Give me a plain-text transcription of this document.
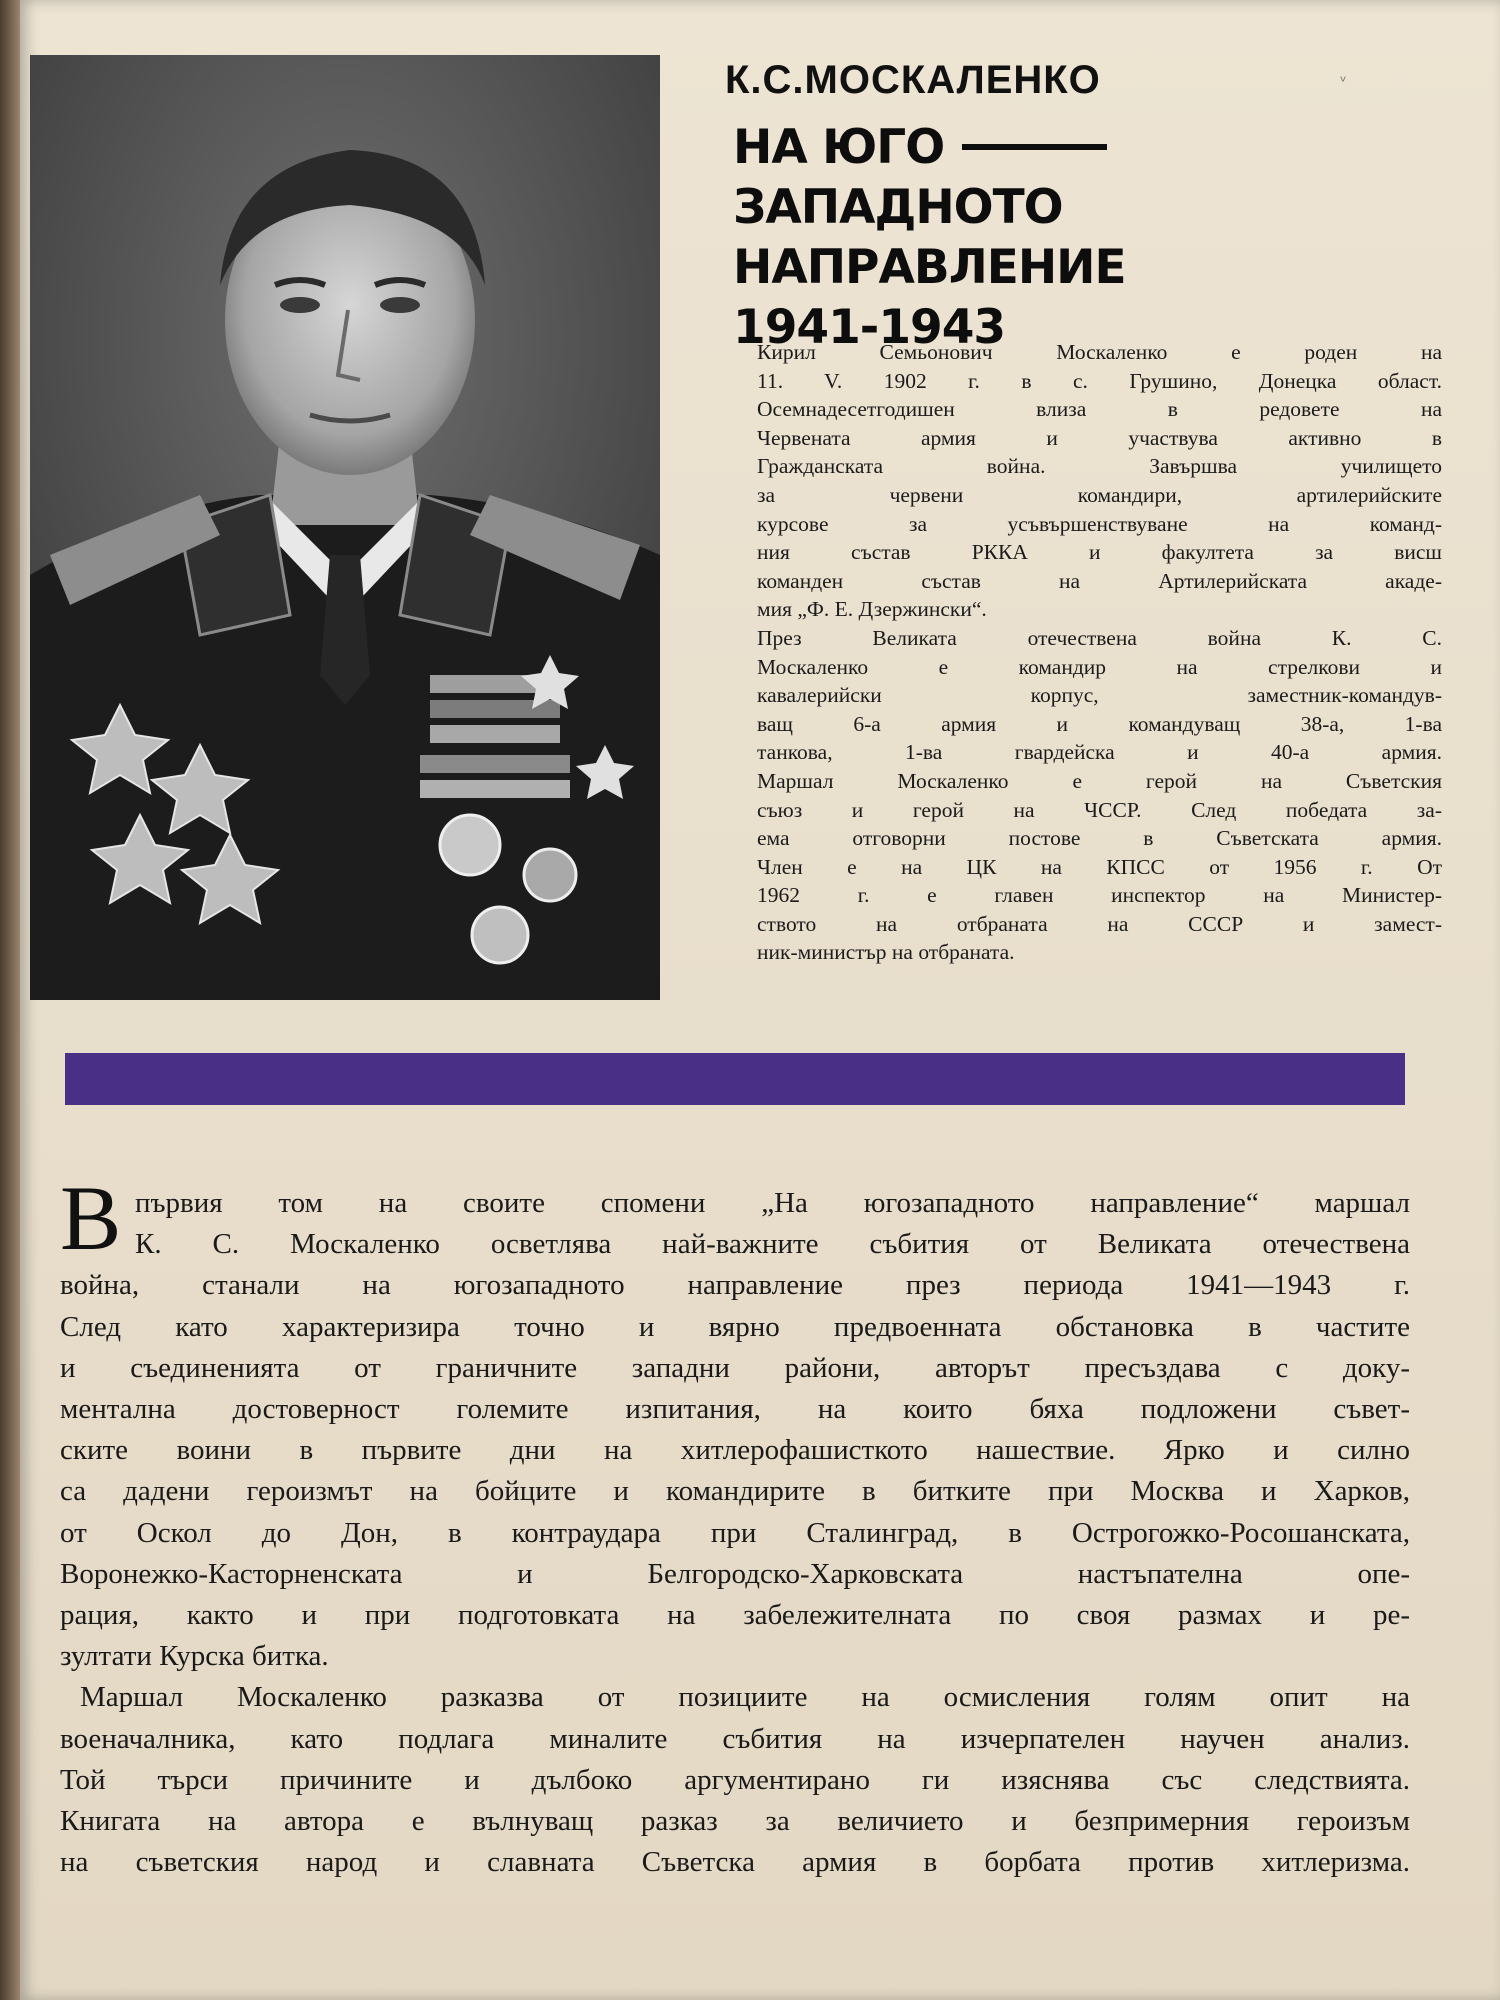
К.С.МОСКАЛЕНКО	ᵛ
НА ЮГО
ЗАПАДНОТО
НАПРАВЛЕНИЕ
1941-1943
Кирил Семьонович Москаленко е роден на
11. V. 1902 г. в с. Грушино, Донецка област.
Осемнадесетгодишен влиза в редовете на
Червената армия и участвува активно в
Гражданската война. Завършва училището
за червени командири, артилерийските
курсове за усъвършенствуване на команд-
ния състав РККА и факултета за висш
команден състав на Артилерийската акаде-
мия „Ф. Е. Дзержински“.
През Великата отечествена война К. С.
Москаленко е командир на стрелкови и
кавалерийски корпус, заместник-командув-
ващ 6-а армия и командуващ 38-а, 1-ва
танкова, 1-ва гвардейска и 40-а армия.
Маршал Москаленко е герой на Съветския
съюз и герой на ЧССР. След победата за-
ема отговорни постове в Съветската армия.
Член е на ЦК на КПСС от 1956 г. От
1962 г. е главен инспектор на Министер-
ството на отбраната на СССР и замест-
ник-министър на отбраната.
В първия том на своите спомени „На югозападното направление“ маршал
К. С. Москаленко осветлява най-важните събития от Великата отечествена
война, станали на югозападното направление през периода 1941—1943 г.
След като характеризира точно и вярно предвоенната обстановка в частите
и съединенията от граничните западни райони, авторът пресъздава с доку-
ментална достоверност големите изпитания, на които бяха подложени съвет-
ските воини в първите дни на хитлерофашисткото нашествие. Ярко и силно
са дадени героизмът на бойците и командирите в битките при Москва и Харков,
от Оскол до Дон, в контраудара при Сталинград, в Острогожко-Росошанската,
Воронежко-Касторненската и Белгородско-Харковската настъпателна опе-
рация, както и при подготовката на забележителната по своя размах и ре-
зултати Курска битка.
Маршал Москаленко разказва от позициите на осмисления голям опит на
военачалника, като подлага миналите събития на изчерпателен научен анализ.
Той търси причините и дълбоко аргументирано ги изяснява със следствията.
Книгата на автора е вълнуващ разказ за величието и безпримерния героизъм
на съветския народ и славната Съветска армия в борбата против хитлеризма.
